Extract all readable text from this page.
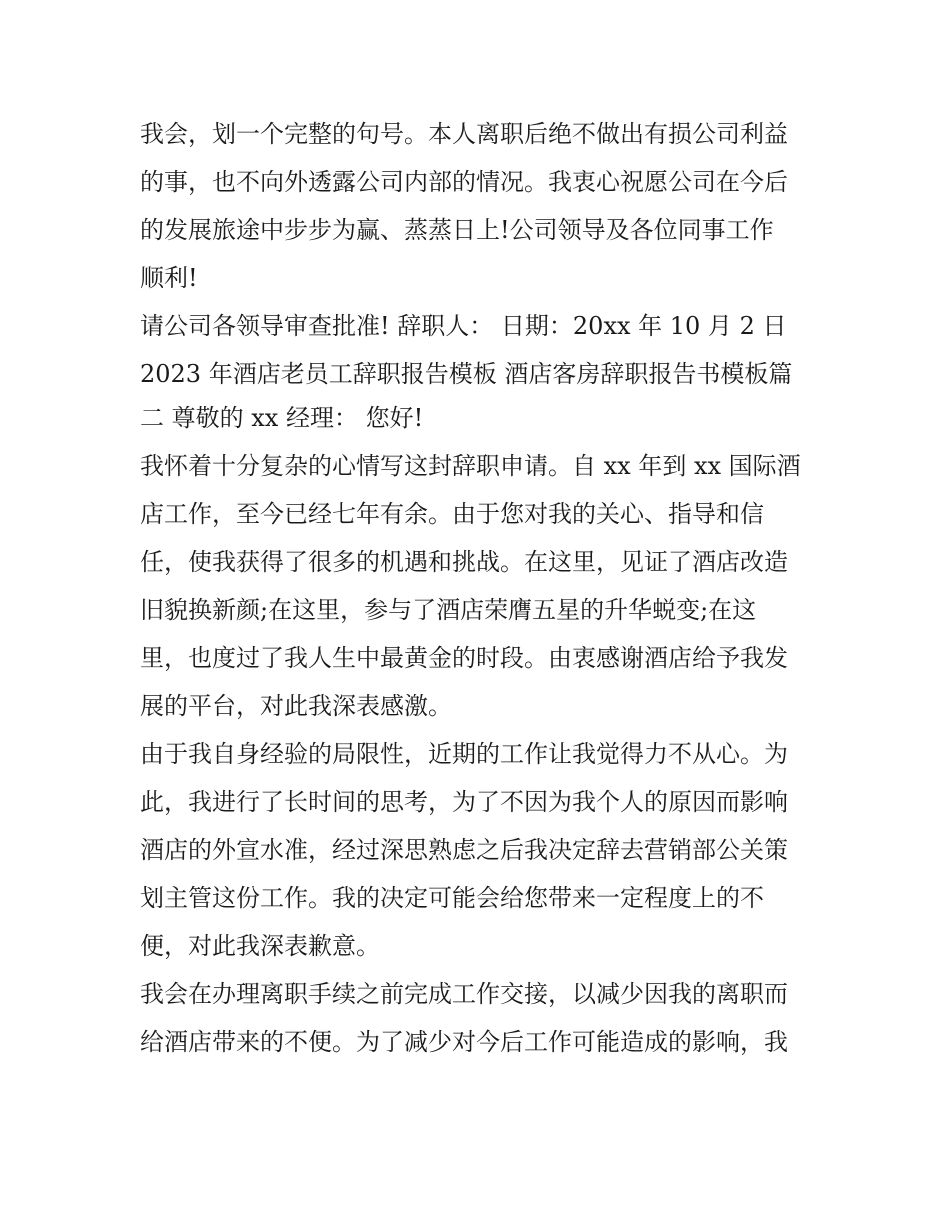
我会，划一个完整的句号。本人离职后绝不做出有损公司利益
的事，也不向外透露公司内部的情况。我衷心祝愿公司在今后
的发展旅途中步步为赢、蒸蒸日上!公司领导及各位同事工作
顺利!
请公司各领导审查批准! 辞职人： 日期：20xx 年 10 月 2 日
2023 年酒店老员工辞职报告模板 酒店客房辞职报告书模板篇
二 尊敬的 xx 经理： 您好!
我怀着十分复杂的心情写这封辞职申请。自 xx 年到 xx 国际酒
店工作，至今已经七年有余。由于您对我的关心、指导和信
任，使我获得了很多的机遇和挑战。在这里，见证了酒店改造
旧貌换新颜;在这里，参与了酒店荣膺五星的升华蜕变;在这
里，也度过了我人生中最黄金的时段。由衷感谢酒店给予我发
展的平台，对此我深表感激。
由于我自身经验的局限性，近期的工作让我觉得力不从心。为
此，我进行了长时间的思考，为了不因为我个人的原因而影响
酒店的外宣水准，经过深思熟虑之后我决定辞去营销部公关策
划主管这份工作。我的决定可能会给您带来一定程度上的不
便，对此我深表歉意。
我会在办理离职手续之前完成工作交接，以减少因我的离职而
给酒店带来的不便。为了减少对今后工作可能造成的影响，我
